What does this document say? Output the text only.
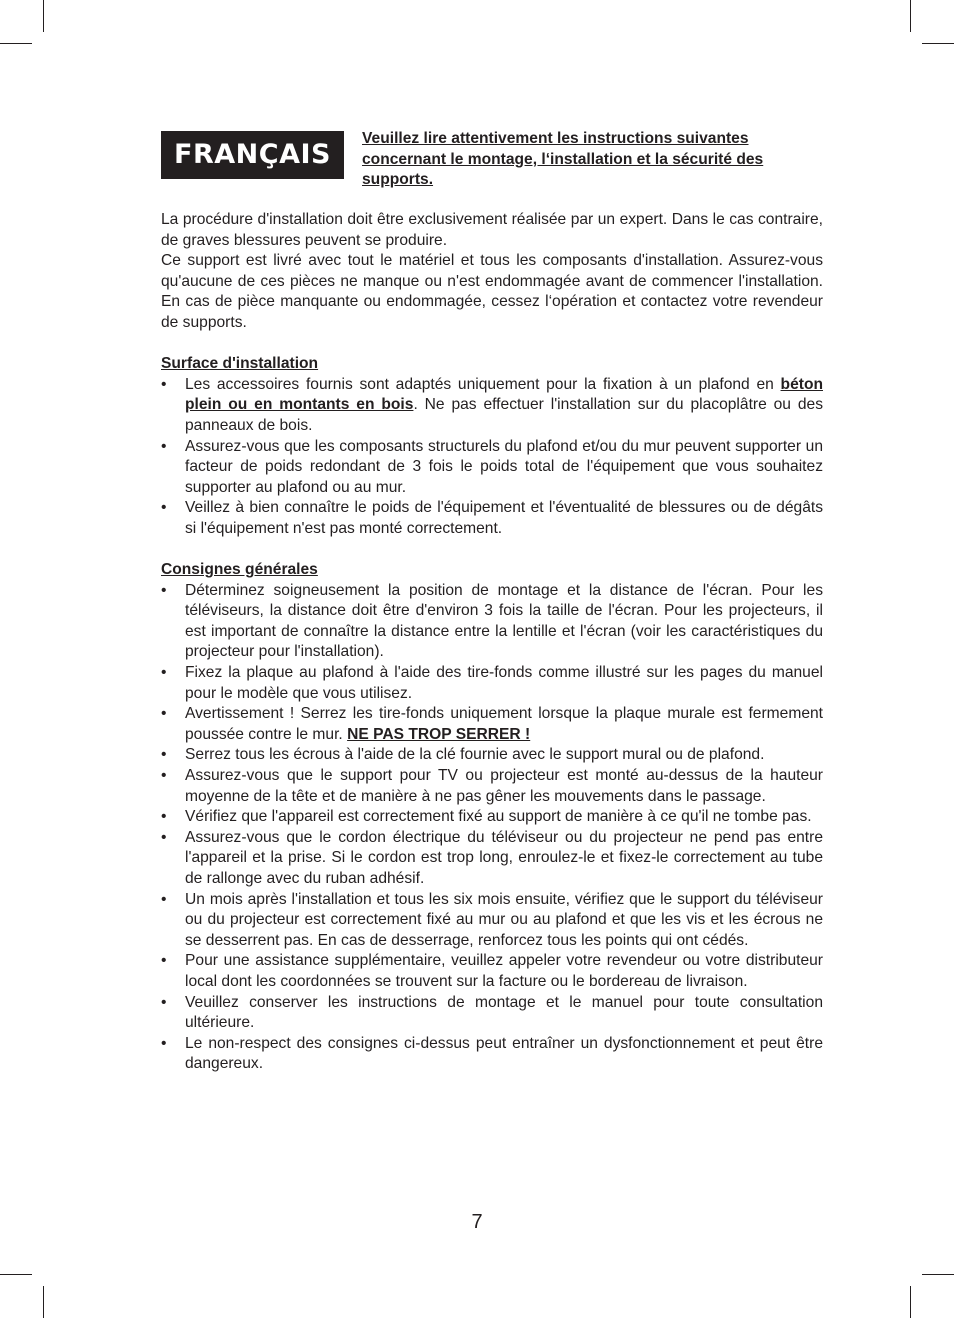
FRANÇAIS
Veuillez lire attentivement les instructions suivantes concernant le montage, l‘installation et la sécurité des supports.

La procédure d'installation doit être exclusivement réalisée par un expert. Dans le cas contraire, de graves blessures peuvent se produire.

Ce support est livré avec tout le matériel et tous les composants d'installation. Assurez-vous qu'aucune de ces pièces ne manque ou n'est endommagée avant de commencer l'installation. En cas de pièce manquante ou endommagée, cessez l‘opération et contactez votre revendeur de supports.

Surface d'installation

• Les accessoires fournis sont adaptés uniquement pour la fixation à un plafond en béton plein ou en montants en bois. Ne pas effectuer l'installation sur du placoplâtre ou des panneaux de bois.
• Assurez-vous que les composants structurels du plafond et/ou du mur peuvent supporter un facteur de poids redondant de 3 fois le poids total de l'équipement que vous souhaitez supporter au plafond ou au mur.
• Veillez à bien connaître le poids de l'équipement et l'éventualité de blessures ou de dégâts si l'équipement n'est pas monté correctement.

Consignes générales

• Déterminez soigneusement la position de montage et la distance de l'écran. Pour les téléviseurs, la distance doit être d'environ 3 fois la taille de l'écran. Pour les projecteurs, il est important de connaître la distance entre la lentille et l'écran (voir les caractéristiques du projecteur pour l'installation).
• Fixez la plaque au plafond à l'aide des tire-fonds comme illustré sur les pages du manuel pour le modèle que vous utilisez.
• Avertissement ! Serrez les tire-fonds uniquement lorsque la plaque murale est fermement poussée contre le mur. NE PAS TROP SERRER !
• Serrez tous les écrous à l'aide de la clé fournie avec le support mural ou de plafond.
• Assurez-vous que le support pour TV ou projecteur est monté au-dessus de la hauteur moyenne de la tête et de manière à ne pas gêner les mouvements dans le passage.
• Vérifiez que l'appareil est correctement fixé au support de manière à ce qu'il ne tombe pas.
• Assurez-vous que le cordon électrique du téléviseur ou du projecteur ne pend pas entre l'appareil et la prise. Si le cordon est trop long, enroulez-le et fixez-le correctement au tube de rallonge avec du ruban adhésif.
• Un mois après l'installation et tous les six mois ensuite, vérifiez que le support du téléviseur ou du projecteur est correctement fixé au mur ou au plafond et que les vis et les écrous ne se desserrent pas. En cas de desserrage, renforcez tous les points qui ont cédés.
• Pour une assistance supplémentaire, veuillez appeler votre revendeur ou votre distributeur local dont les coordonnées se trouvent sur la facture ou le bordereau de livraison.
• Veuillez conserver les instructions de montage et le manuel pour toute consultation ultérieure.
• Le non-respect des consignes ci-dessus peut entraîner un dysfonctionnement et peut être dangereux.
7
